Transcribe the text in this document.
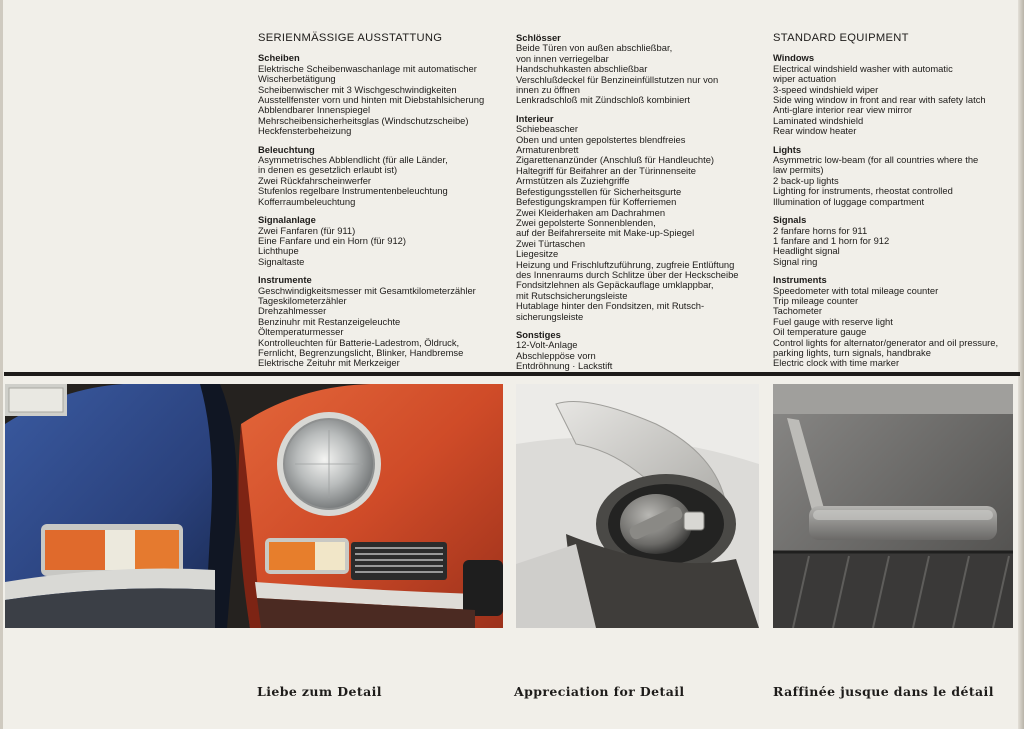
SERIENMÄSSIGE AUSSTATTUNG
Scheiben
Elektrische Scheibenwaschanlage mit automatischer
Wischerbetätigung
Scheibenwischer mit 3 Wischgeschwindigkeiten
Ausstellfenster vorn und hinten mit Diebstahlsicherung
Abblendbarer Innenspiegel
Mehrscheibensicherheitsglas (Windschutzscheibe)
Heckfensterbeheizung
Beleuchtung
Asymmetrisches Abblendlicht (für alle Länder,
in denen es gesetzlich erlaubt ist)
Zwei Rückfahrscheinwerfer
Stufenlos regelbare Instrumentenbeleuchtung
Kofferraumbeleuchtung
Signalanlage
Zwei Fanfaren (für 911)
Eine Fanfare und ein Horn (für 912)
Lichthupe
Signaltaste
Instrumente
Geschwindigkeitsmesser mit Gesamtkilometerzähler
Tageskilometerzähler
Drehzahlmesser
Benzinuhr mit Restanzeigeleuchte
Öltemperaturmesser
Kontrolleuchten für Batterie-Ladestrom, Öldruck,
Fernlicht, Begrenzungslicht, Blinker, Handbremse
Elektrische Zeituhr mit Merkzeiger
Schlösser
Beide Türen von außen abschließbar,
von innen verriegelbar
Handschuhkasten abschließbar
Verschlußdeckel für Benzineinfüllstutzen nur von
innen zu öffnen
Lenkradschloß mit Zündschloß kombiniert
Interieur
Schiebeascher
Oben und unten gepolstertes blendfreies
Armaturenbrett
Zigarettenanzünder (Anschluß für Handleuchte)
Haltegriff für Beifahrer an der Türinnenseite
Armstützen als Zuziehgriffe
Befestigungsstellen für Sicherheitsgurte
Befestigungskrampen für Kofferriemen
Zwei Kleiderhaken am Dachrahmen
Zwei gepolsterte Sonnenblenden,
auf der Beifahrerseite mit Make-up-Spiegel
Zwei Türtaschen
Liegesitze
Heizung und Frischluftzuführung, zugfreie Entlüftung
des Innenraums durch Schlitze über der Heckscheibe
Fondsitzlehnen als Gepäckauflage umklappbar,
mit Rutschsicherungsleiste
Hutablage hinter den Fondsitzen, mit Rutsch-
sicherungsleiste
Sonstiges
12-Volt-Anlage
Abschleppöse vorn
Entdröhnung · Lackstift
STANDARD EQUIPMENT
Windows
Electrical windshield washer with automatic
wiper actuation
3-speed windshield wiper
Side wing window in front and rear with safety latch
Anti-glare interior rear view mirror
Laminated windshield
Rear window heater
Lights
Asymmetric low-beam (for all countries where the
law permits)
2 back-up lights
Lighting for instruments, rheostat controlled
Illumination of luggage compartment
Signals
2 fanfare horns for 911
1 fanfare and 1 horn for 912
Headlight signal
Signal ring
Instruments
Speedometer with total mileage counter
Trip mileage counter
Tachometer
Fuel gauge with reserve light
Oil temperature gauge
Control lights for alternator/generator and oil pressure,
parking lights, turn signals, handbrake
Electric clock with time marker
Liebe zum Detail	Appreciation for Detail	Raffinée jusque dans le détail
